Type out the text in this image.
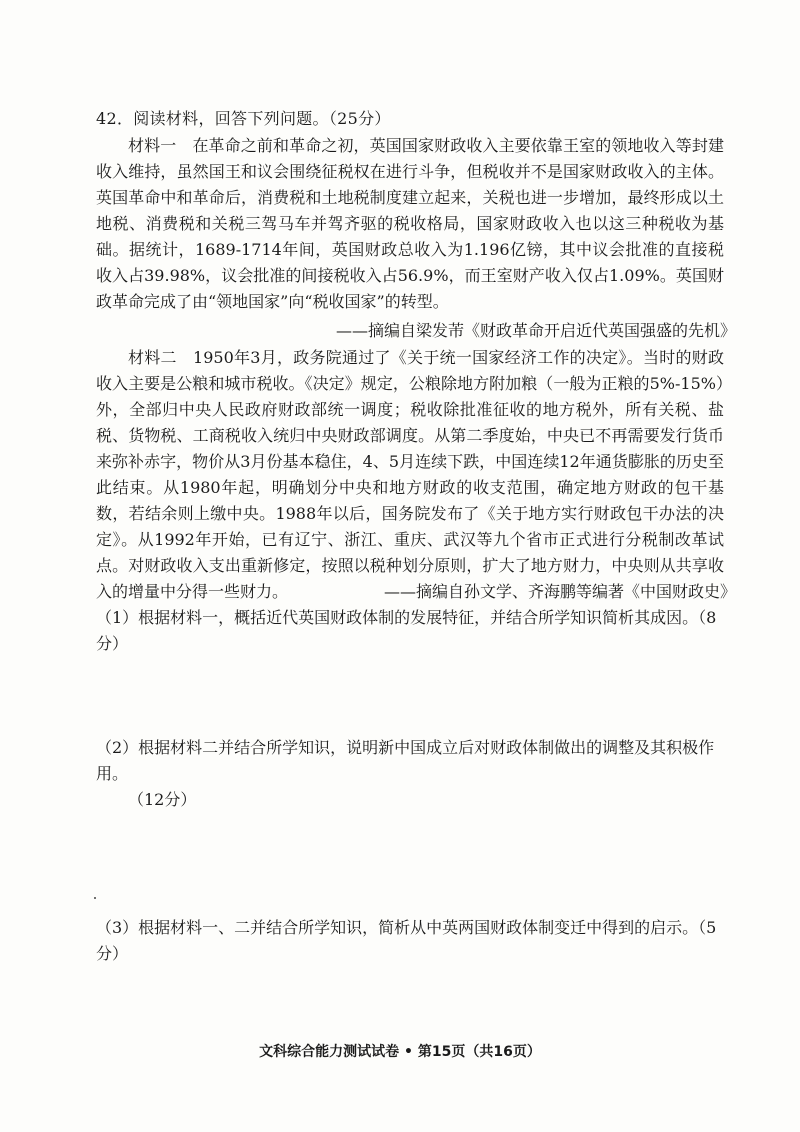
42．阅读材料，回答下列问题。（25分）

材料一　在革命之前和革命之初，英国国家财政收入主要依靠王室的领地收入等封建收入维持，虽然国王和议会围绕征税权在进行斗争，但税收并不是国家财政收入的主体。英国革命中和革命后，消费税和土地税制度建立起来，关税也进一步增加，最终形成以土地税、消费税和关税三驾马车并驾齐驱的税收格局，国家财政收入也以这三种税收为基础。据统计，1689-1714年间，英国财政总收入为1.196亿镑，其中议会批准的直接税收入占39.98%，议会批准的间接税收入占56.9%，而王室财产收入仅占1.09%。英国财政革命完成了由“领地国家”向“税收国家”的转型。

——摘编自梁发芾《财政革命开启近代英国强盛的先机》

材料二　1950年3月，政务院通过了《关于统一国家经济工作的决定》。当时的财政收入主要是公粮和城市税收。《决定》规定，公粮除地方附加粮（一般为正粮的5%-15%）外，全部归中央人民政府财政部统一调度；税收除批准征收的地方税外，所有关税、盐税、货物税、工商税收入统归中央财政部调度。从第二季度始，中央已不再需要发行货币来弥补赤字，物价从3月份基本稳住，4、5月连续下跌，中国连续12年通货膨胀的历史至此结束。从1980年起，明确划分中央和地方财政的收支范围，确定地方财政的包干基数，若结余则上缴中央。1988年以后，国务院发布了《关于地方实行财政包干办法的决定》。从1992年开始，已有辽宁、浙江、重庆、武汉等九个省市正式进行分税制改革试点。对财政收入支出重新修定，按照以税种划分原则，扩大了地方财力，中央则从共享收入的增量中分得一些财力。	——摘编自孙文学、齐海鹏等编著《中国财政史》

（1）根据材料一，概括近代英国财政体制的发展特征，并结合所学知识简析其成因。（8分）

（2）根据材料二并结合所学知识，说明新中国成立后对财政体制做出的调整及其积极作用。
（12分）

（3）根据材料一、二并结合所学知识，简析从中英两国财政体制变迁中得到的启示。（5分）

文科综合能力测试试卷 • 第15页（共16页）
